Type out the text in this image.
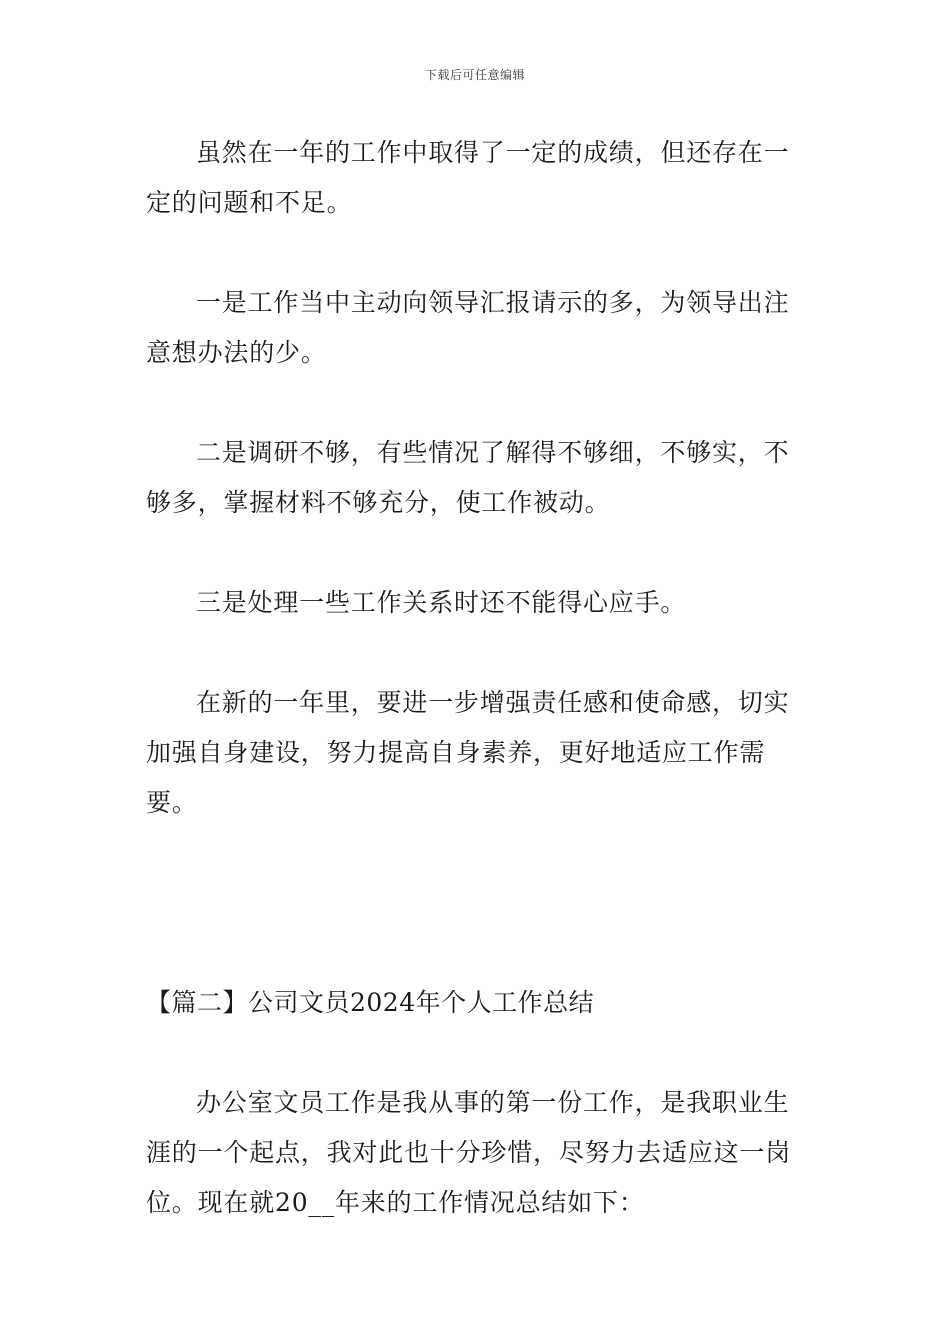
下载后可任意编辑

虽然在一年的工作中取得了一定的成绩，但还存在一定的问题和不足。

一是工作当中主动向领导汇报请示的多，为领导出注意想办法的少。

二是调研不够，有些情况了解得不够细，不够实，不够多，掌握材料不够充分，使工作被动。

三是处理一些工作关系时还不能得心应手。

在新的一年里，要进一步增强责任感和使命感，切实加强自身建设，努力提高自身素养，更好地适应工作需要。

【篇二】公司文员2024年个人工作总结

办公室文员工作是我从事的第一份工作，是我职业生涯的一个起点，我对此也十分珍惜，尽努力去适应这一岗位。现在就20__年来的工作情况总结如下：
